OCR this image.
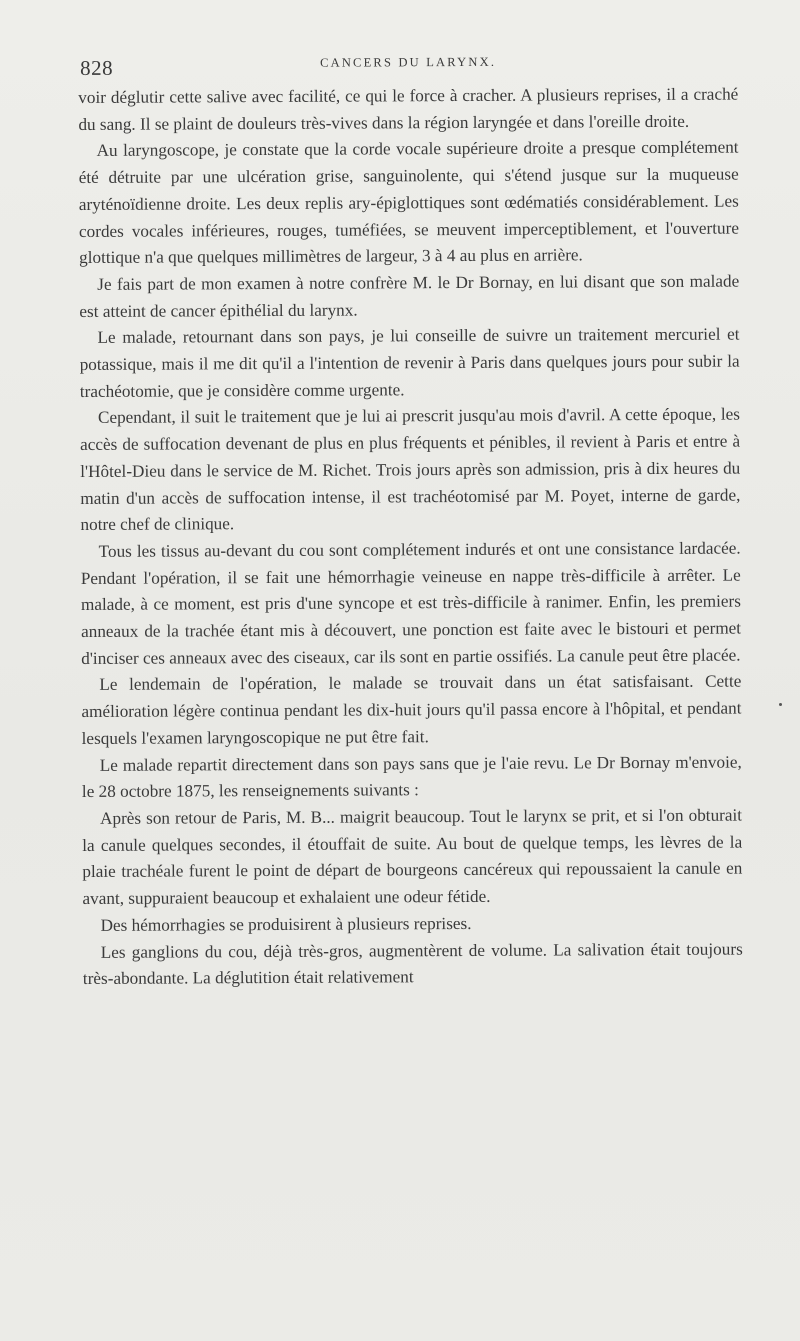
828	CANCERS DU LARYNX.

voir déglutir cette salive avec facilité, ce qui le force à cracher. A plusieurs reprises, il a craché du sang. Il se plaint de douleurs très-vives dans la région laryngée et dans l'oreille droite.

Au laryngoscope, je constate que la corde vocale supérieure droite a presque complétement été détruite par une ulcération grise, sanguinolente, qui s'étend jusque sur la muqueuse aryténoïdienne droite. Les deux replis ary-épiglottiques sont œdématiés considérablement. Les cordes vocales inférieures, rouges, tuméfiées, se meuvent imperceptiblement, et l'ouverture glottique n'a que quelques millimètres de largeur, 3 à 4 au plus en arrière.

Je fais part de mon examen à notre confrère M. le Dr Bornay, en lui disant que son malade est atteint de cancer épithélial du larynx.

Le malade, retournant dans son pays, je lui conseille de suivre un traitement mercuriel et potassique, mais il me dit qu'il a l'intention de revenir à Paris dans quelques jours pour subir la trachéotomie, que je considère comme urgente.

Cependant, il suit le traitement que je lui ai prescrit jusqu'au mois d'avril. A cette époque, les accès de suffocation devenant de plus en plus fréquents et pénibles, il revient à Paris et entre à l'Hôtel-Dieu dans le service de M. Richet. Trois jours après son admission, pris à dix heures du matin d'un accès de suffocation intense, il est trachéotomisé par M. Poyet, interne de garde, notre chef de clinique.

Tous les tissus au-devant du cou sont complétement indurés et ont une consistance lardacée. Pendant l'opération, il se fait une hémorrhagie veineuse en nappe très-difficile à arrêter. Le malade, à ce moment, est pris d'une syncope et est très-difficile à ranimer. Enfin, les premiers anneaux de la trachée étant mis à découvert, une ponction est faite avec le bistouri et permet d'inciser ces anneaux avec des ciseaux, car ils sont en partie ossifiés. La canule peut être placée.

Le lendemain de l'opération, le malade se trouvait dans un état satisfaisant. Cette amélioration légère continua pendant les dix-huit jours qu'il passa encore à l'hôpital, et pendant lesquels l'examen laryngoscopique ne put être fait.

Le malade repartit directement dans son pays sans que je l'aie revu. Le Dr Bornay m'envoie, le 28 octobre 1875, les renseignements suivants :

Après son retour de Paris, M. B... maigrit beaucoup. Tout le larynx se prit, et si l'on obturait la canule quelques secondes, il étouffait de suite. Au bout de quelque temps, les lèvres de la plaie trachéale furent le point de départ de bourgeons cancéreux qui repoussaient la canule en avant, suppuraient beaucoup et exhalaient une odeur fétide.

Des hémorrhagies se produisirent à plusieurs reprises.

Les ganglions du cou, déjà très-gros, augmentèrent de volume. La salivation était toujours très-abondante. La déglutition était relativement
